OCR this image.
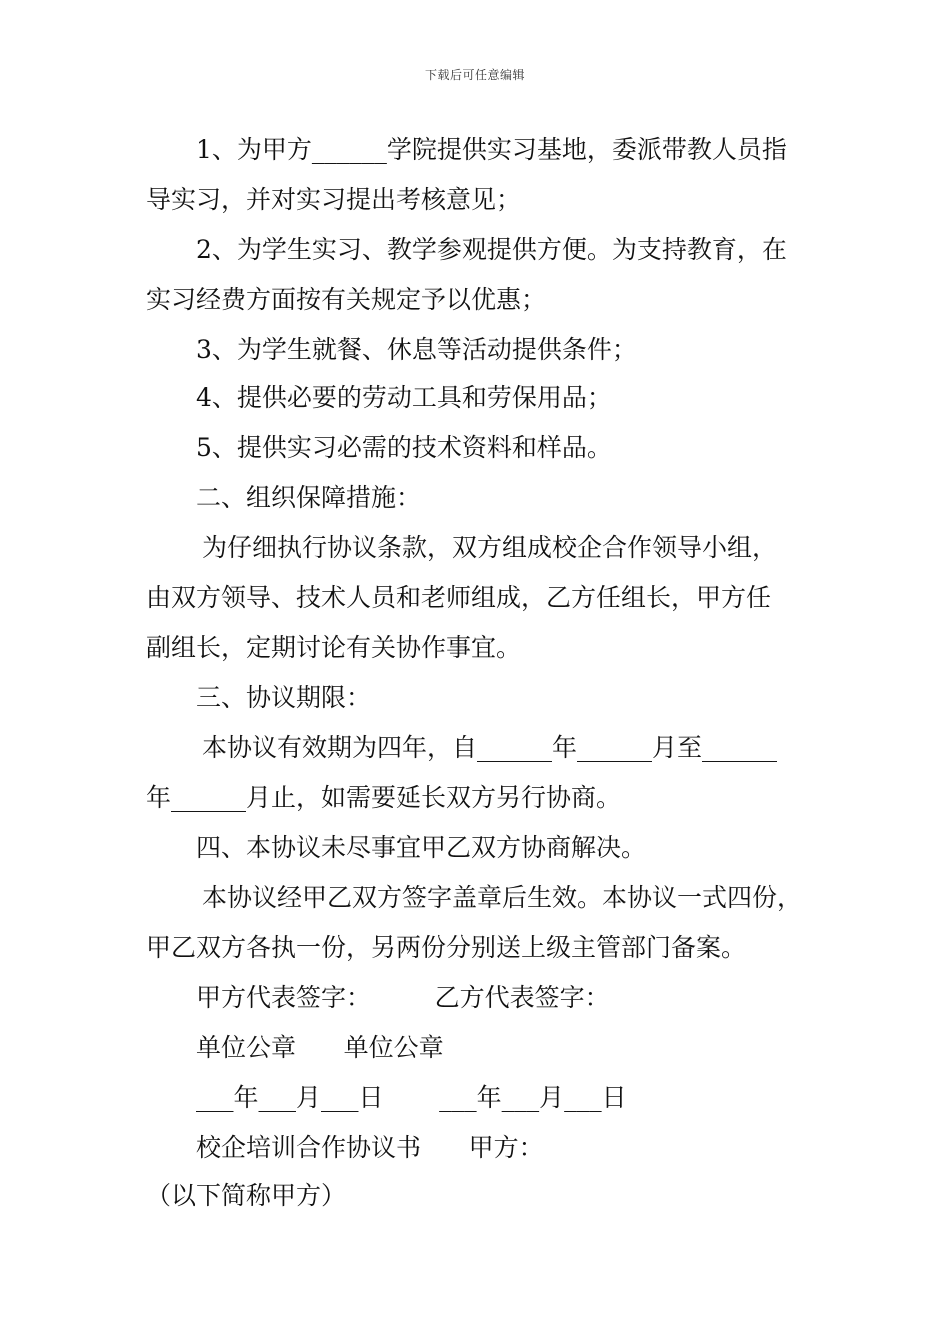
下载后可任意编辑
1、为甲方______学院提供实习基地，委派带教人员指
导实习，并对实习提出考核意见；
2、为学生实习、教学参观提供方便。为支持教育，在
实习经费方面按有关规定予以优惠；
3、为学生就餐、休息等活动提供条件；
4、提供必要的劳动工具和劳保用品；
5、提供实习必需的技术资料和样品。
二、组织保障措施：
为仔细执行协议条款，双方组成校企合作领导小组，
由双方领导、技术人员和老师组成，乙方任组长，甲方任
副组长，定期讨论有关协作事宜。
三、协议期限：
本协议有效期为四年，自______年______月至______
年______月止，如需要延长双方另行协商。
四、本协议未尽事宜甲乙双方协商解决。
本协议经甲乙双方签字盖章后生效。本协议一式四份，
甲乙双方各执一份，另两份分别送上级主管部门备案。
甲方代表签字：        乙方代表签字：
单位公章      单位公章
___年___月___日       ___年___月___日
校企培训合作协议书      甲方：
（以下简称甲方）
